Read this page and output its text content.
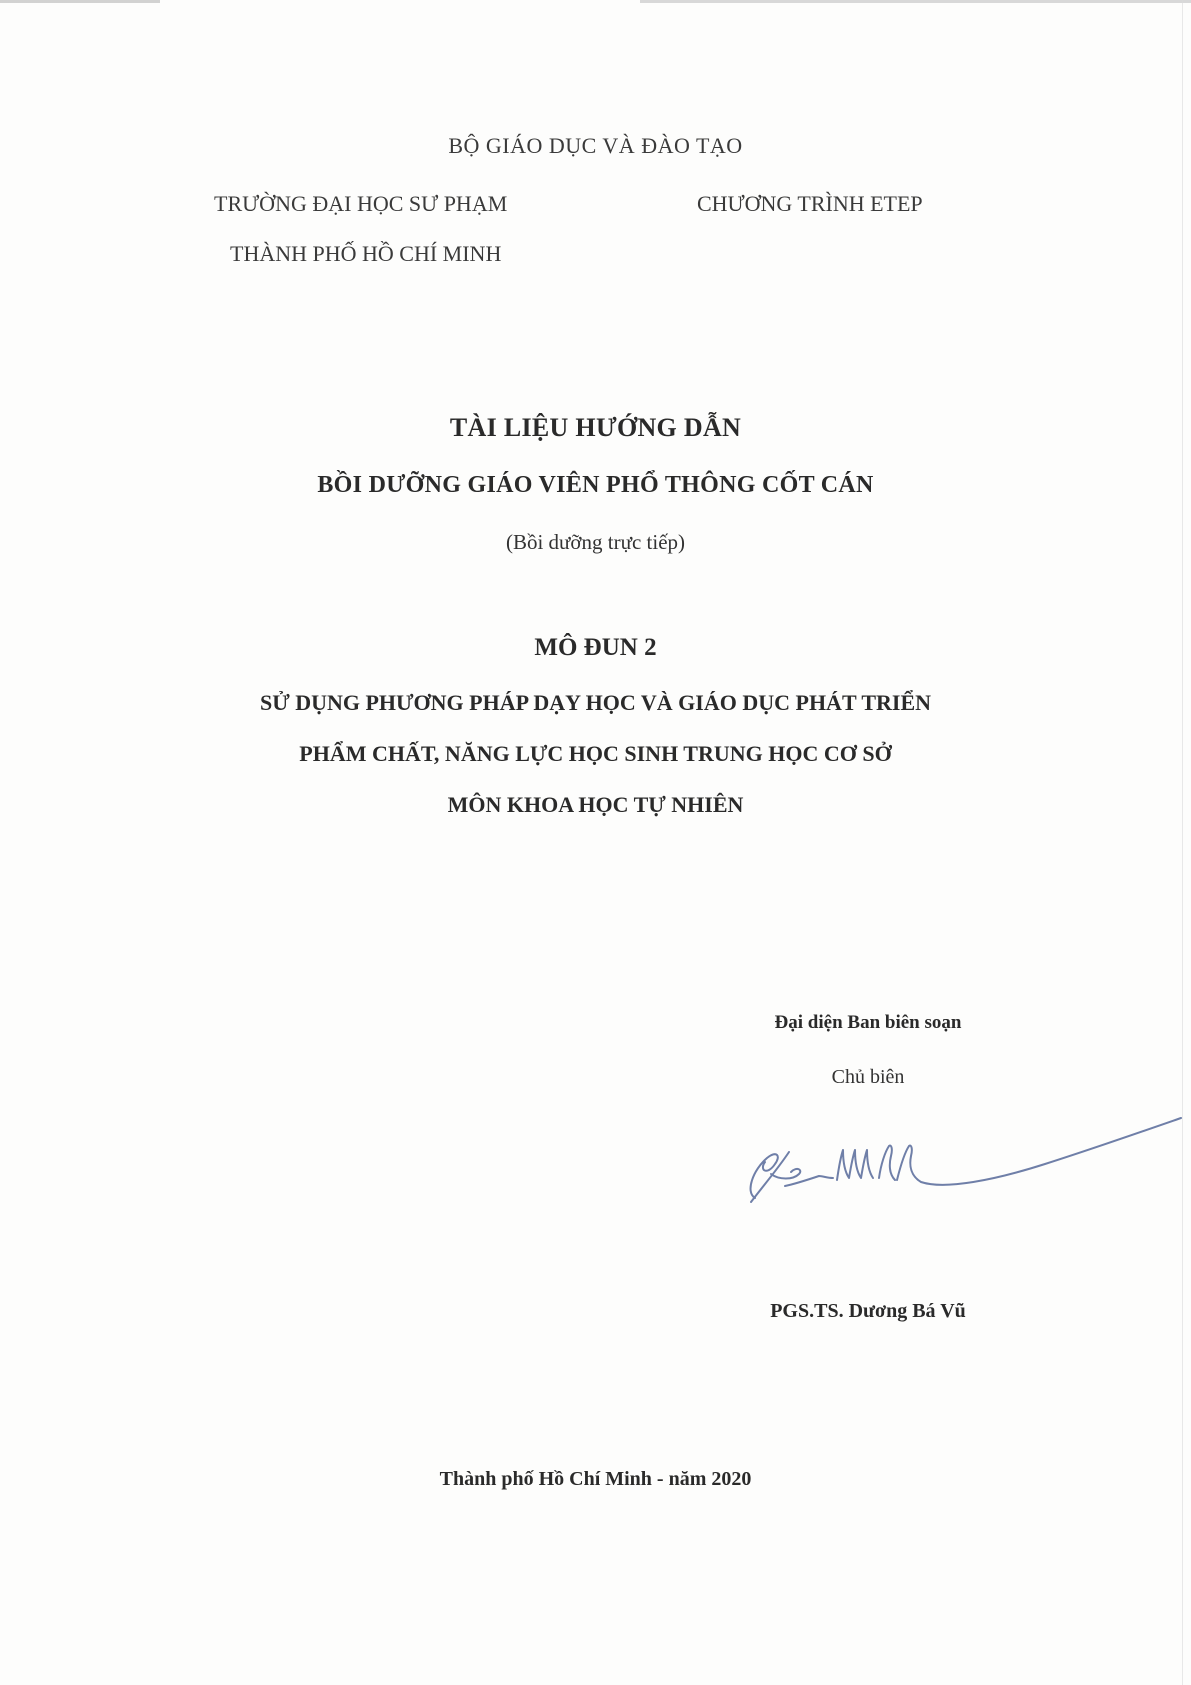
BỘ GIÁO DỤC VÀ ĐÀO TẠO
TRƯỜNG ĐẠI HỌC SƯ PHẠM
THÀNH PHỐ HỒ CHÍ MINH
CHƯƠNG TRÌNH ETEP
TÀI LIỆU HƯỚNG DẪN
BỒI DƯỠNG GIÁO VIÊN PHỔ THÔNG CỐT CÁN
(Bồi dưỡng trực tiếp)
MÔ ĐUN 2
SỬ DỤNG PHƯƠNG PHÁP DẠY HỌC VÀ GIÁO DỤC PHÁT TRIỂN
PHẨM CHẤT, NĂNG LỰC HỌC SINH TRUNG HỌC CƠ SỞ
MÔN KHOA HỌC TỰ NHIÊN
Đại diện Ban biên soạn
Chủ biên
PGS.TS. Dương Bá Vũ
Thành phố Hồ Chí Minh - năm 2020
